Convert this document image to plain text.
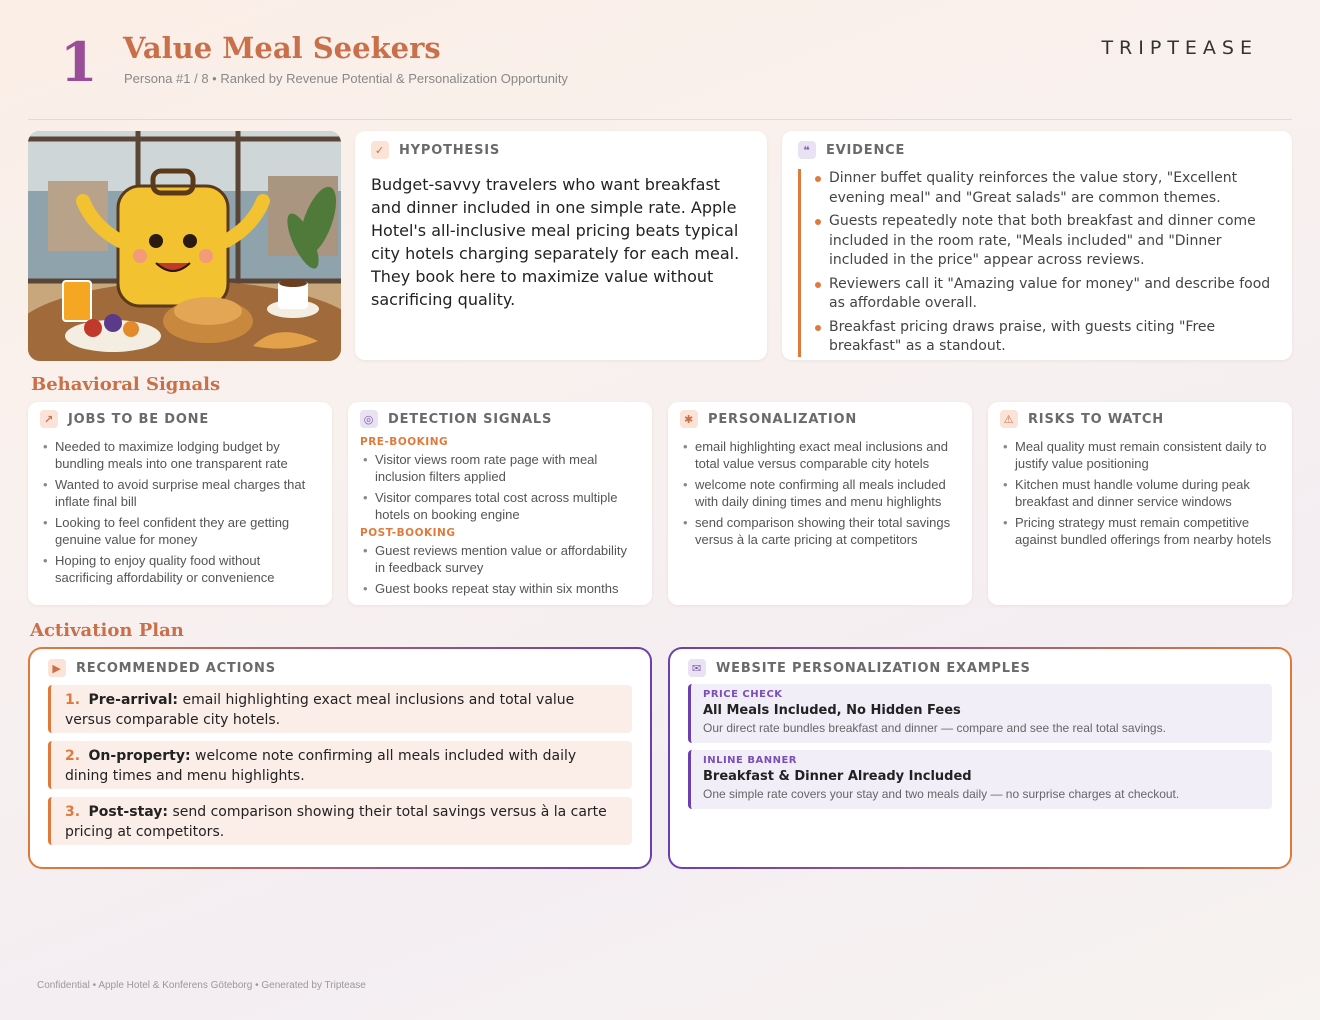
1 Value Meal Seekers
Persona #1 / 8 • Ranked by Revenue Potential & Personalization Opportunity
TRIPTEASE
✓	HYPOTHESIS
Budget-savvy travelers who want breakfast and dinner included in one simple rate. Apple Hotel's all-inclusive meal pricing beats typical city hotels charging separately for each meal. They book here to maximize value without sacrificing quality.
❝	EVIDENCE
Dinner buffet quality reinforces the value story, "Excellent evening meal" and "Great salads" are common themes.
Guests repeatedly note that both breakfast and dinner come included in the room rate, "Meals included" and "Dinner included in the price" appear across reviews.
Reviewers call it "Amazing value for money" and describe food as affordable overall.
Breakfast pricing draws praise, with guests citing "Free breakfast" as a standout.
Behavioral Signals
↗	JOBS TO BE DONE
• Needed to maximize lodging budget by bundling meals into one transparent rate
• Wanted to avoid surprise meal charges that inflate final bill
• Looking to feel confident they are getting genuine value for money
• Hoping to enjoy quality food without sacrificing affordability or convenience
◎ DETECTION SIGNALS
PRE-BOOKING
• Visitor views room rate page with meal inclusion filters applied
• Visitor compares total cost across multiple hotels on booking engine
POST-BOOKING
• Guest reviews mention value or affordability in feedback survey
• Guest books repeat stay within six months
✱	PERSONALIZATION
• email highlighting exact meal inclusions and total value versus comparable city hotels
• welcome note confirming all meals included with daily dining times and menu highlights
• send comparison showing their total savings versus à la carte pricing at competitors
⚠ RISKS TO WATCH
• Meal quality must remain consistent daily to justify value positioning
• Kitchen must handle volume during peak breakfast and dinner service windows
• Pricing strategy must remain competitive against bundled offerings from nearby hotels
Activation Plan
▶	RECOMMENDED ACTIONS
1. Pre-arrival: email highlighting exact meal inclusions and total value versus comparable city hotels.
2. On-property: welcome note confirming all meals included with daily dining times and menu highlights.
3. Post-stay: send comparison showing their total savings versus à la carte pricing at competitors.
✉	WEBSITE PERSONALIZATION EXAMPLES
PRICE CHECK
All Meals Included, No Hidden Fees
Our direct rate bundles breakfast and dinner — compare and see the real total savings.
INLINE BANNER
Breakfast & Dinner Already Included
One simple rate covers your stay and two meals daily — no surprise charges at checkout.
Confidential • Apple Hotel & Konferens Göteborg • Generated by Triptease
